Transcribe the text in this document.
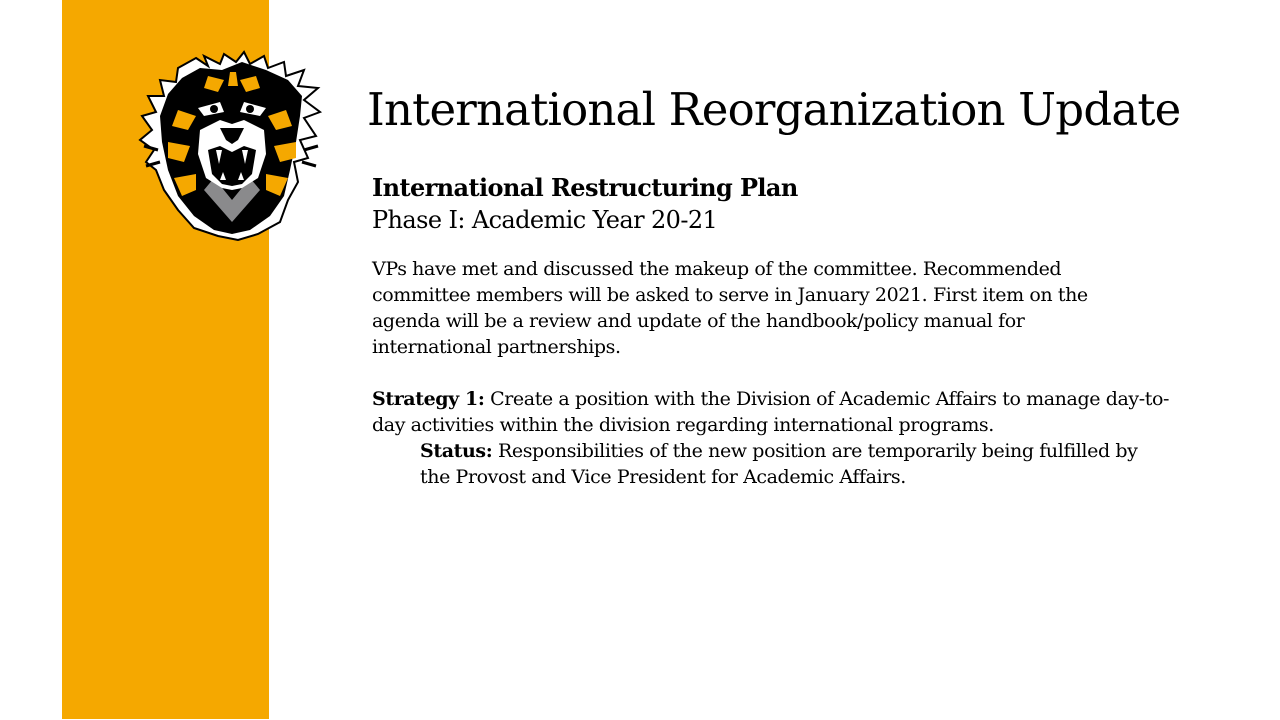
International Reorganization Update

International Restructuring Plan

Phase I: Academic Year 20-21

VPs have met and discussed the makeup of the committee. Recommended committee members will be asked to serve in January 2021. First item on the agenda will be a review and update of the handbook/policy manual for international partnerships.

Strategy 1: Create a position with the Division of Academic Affairs to manage day-to-day activities within the division regarding international programs.

Status: Responsibilities of the new position are temporarily being fulfilled by the Provost and Vice President for Academic Affairs.
